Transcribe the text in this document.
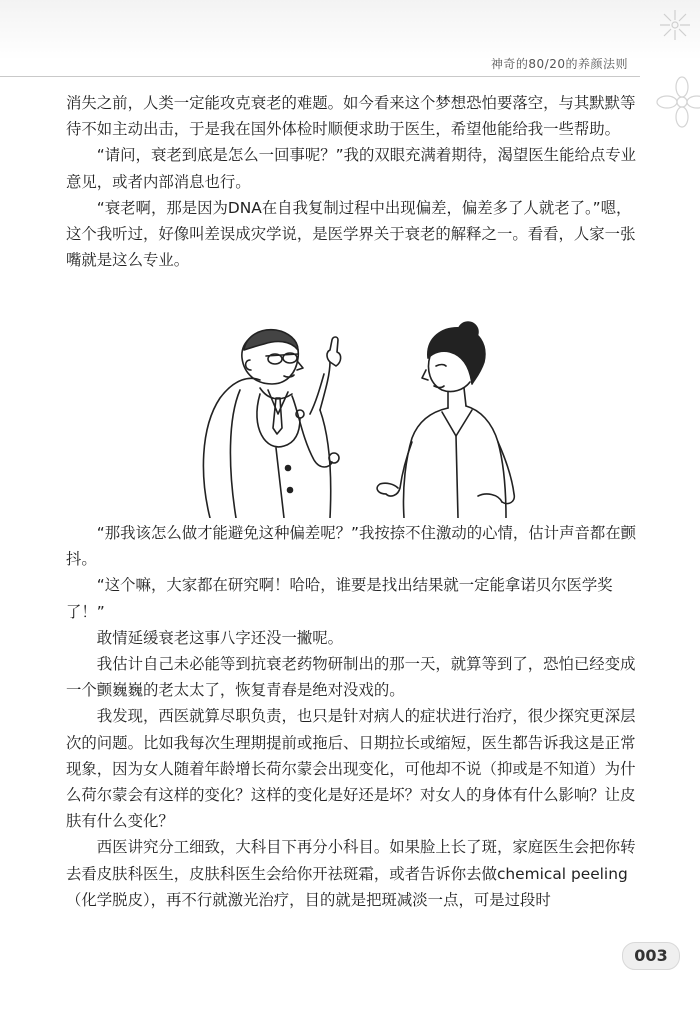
神奇的80/20的养颜法则

消失之前，人类一定能攻克衰老的难题。如今看来这个梦想恐怕要落空，与其默默等待不如主动出击，于是我在国外体检时顺便求助于医生，希望他能给我一些帮助。

“请问，衰老到底是怎么一回事呢？”我的双眼充满着期待，渴望医生能给点专业意见，或者内部消息也行。

“衰老啊，那是因为DNA在自我复制过程中出现偏差，偏差多了人就老了。”嗯，这个我听过，好像叫差误成灾学说，是医学界关于衰老的解释之一。看看，人家一张嘴就是这么专业。

“那我该怎么做才能避免这种偏差呢？”我按捺不住激动的心情，估计声音都在颤抖。

“这个嘛，大家都在研究啊！哈哈，谁要是找出结果就一定能拿诺贝尔医学奖了！”

敢情延缓衰老这事八字还没一撇呢。

我估计自己未必能等到抗衰老药物研制出的那一天，就算等到了，恐怕已经变成一个颤巍巍的老太太了，恢复青春是绝对没戏的。

我发现，西医就算尽职负责，也只是针对病人的症状进行治疗，很少探究更深层次的问题。比如我每次生理期提前或拖后、日期拉长或缩短，医生都告诉我这是正常现象，因为女人随着年龄增长荷尔蒙会出现变化，可他却不说（抑或是不知道）为什么荷尔蒙会有这样的变化？这样的变化是好还是坏？对女人的身体有什么影响？让皮肤有什么变化？

西医讲究分工细致，大科目下再分小科目。如果脸上长了斑，家庭医生会把你转去看皮肤科医生，皮肤科医生会给你开祛斑霜，或者告诉你去做chemical peeling（化学脱皮），再不行就激光治疗，目的就是把斑减淡一点，可是过段时

003
